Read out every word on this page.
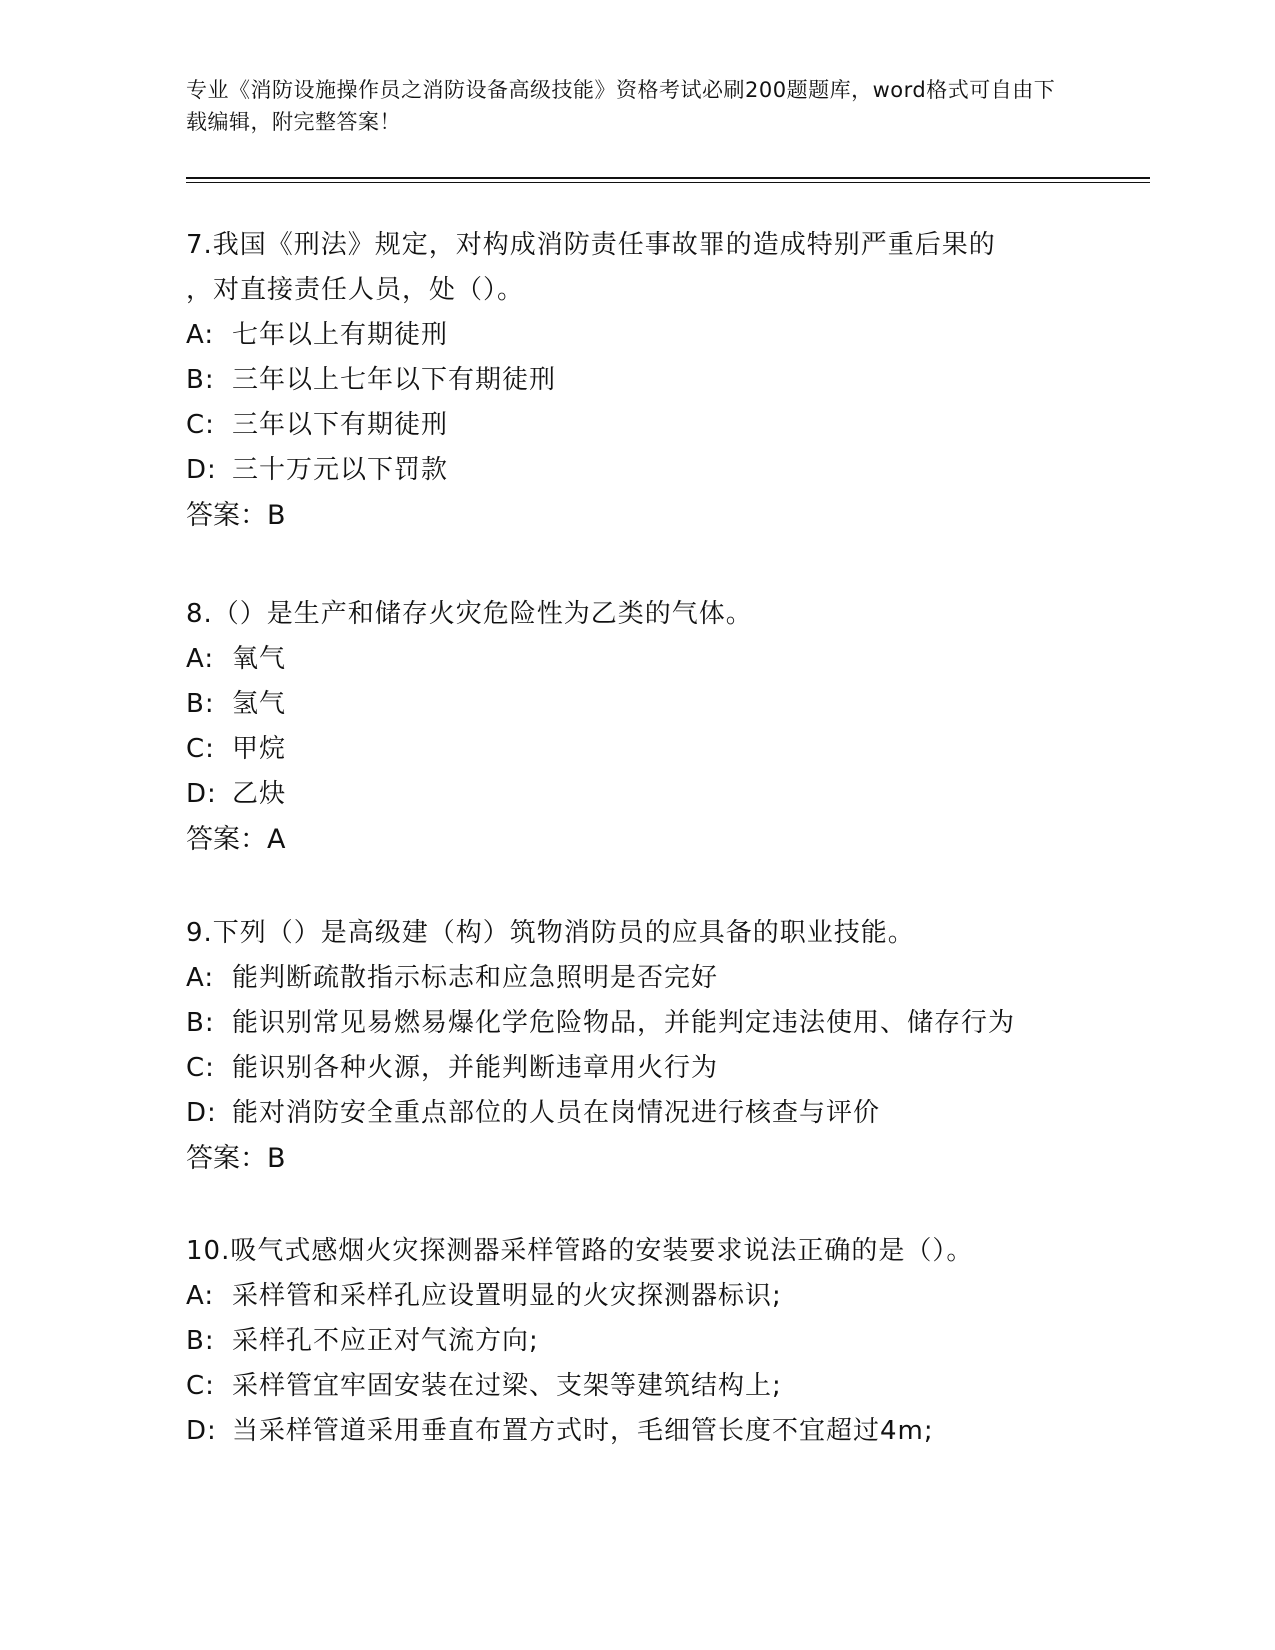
专业《消防设施操作员之消防设备高级技能》资格考试必刷200题题库，word格式可自由下载编辑，附完整答案！

7.我国《刑法》规定，对构成消防责任事故罪的造成特别严重后果的

，对直接责任人员，处（）。

A: 七年以上有期徒刑

B: 三年以上七年以下有期徒刑

C: 三年以下有期徒刑

D: 三十万元以下罚款

答案：B

8.（）是生产和储存火灾危险性为乙类的气体。

A: 氧气

B: 氢气

C: 甲烷

D: 乙炔

答案：A

9.下列（）是高级建（构）筑物消防员的应具备的职业技能。

A: 能判断疏散指示标志和应急照明是否完好

B: 能识别常见易燃易爆化学危险物品，并能判定违法使用、储存行为

C: 能识别各种火源，并能判断违章用火行为

D: 能对消防安全重点部位的人员在岗情况进行核查与评价

答案：B

10.吸气式感烟火灾探测器采样管路的安装要求说法正确的是（）。

A: 采样管和采样孔应设置明显的火灾探测器标识;

B: 采样孔不应正对气流方向;

C: 采样管宜牢固安装在过梁、支架等建筑结构上;

D: 当采样管道采用垂直布置方式时，毛细管长度不宜超过4m;
